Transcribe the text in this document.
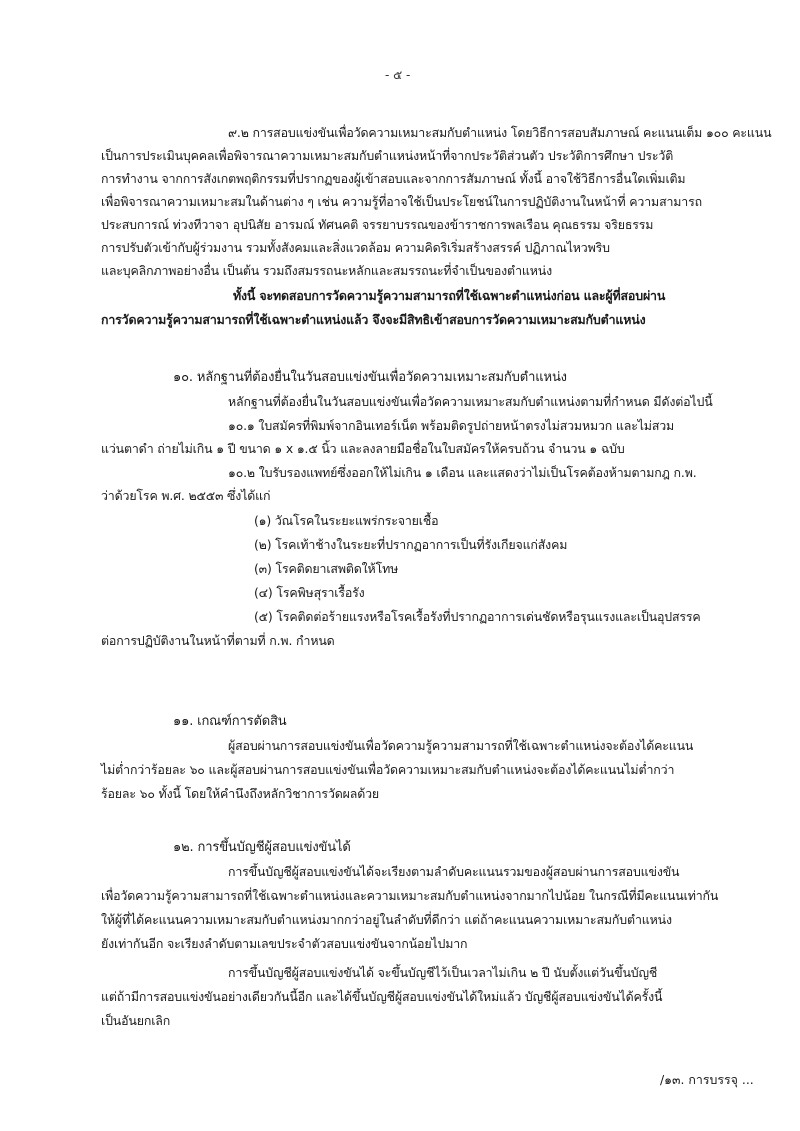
- ๕ -
๙.๒ การสอบแข่งขันเพื่อวัดความเหมาะสมกับตำแหน่ง โดยวิธีการสอบสัมภาษณ์ คะแนนเต็ม ๑๐๐ คะแนน
เป็นการประเมินบุคคลเพื่อพิจารณาความเหมาะสมกับตำแหน่งหน้าที่จากประวัติส่วนตัว ประวัติการศึกษา ประวัติ
การทำงาน จากการสังเกตพฤติกรรมที่ปรากฏของผู้เข้าสอบและจากการสัมภาษณ์ ทั้งนี้ อาจใช้วิธีการอื่นใดเพิ่มเติม
เพื่อพิจารณาความเหมาะสมในด้านต่าง ๆ เช่น ความรู้ที่อาจใช้เป็นประโยชน์ในการปฏิบัติงานในหน้าที่ ความสามารถ
ประสบการณ์ ท่วงทีวาจา อุปนิสัย อารมณ์ ทัศนคติ จรรยาบรรณของข้าราชการพลเรือน คุณธรรม จริยธรรม
การปรับตัวเข้ากับผู้ร่วมงาน รวมทั้งสังคมและสิ่งแวดล้อม ความคิดริเริ่มสร้างสรรค์ ปฏิภาณไหวพริบ
และบุคลิกภาพอย่างอื่น เป็นต้น รวมถึงสมรรถนะหลักและสมรรถนะที่จำเป็นของตำแหน่ง
ทั้งนี้ จะทดสอบการวัดความรู้ความสามารถที่ใช้เฉพาะตำแหน่งก่อน และผู้ที่สอบผ่าน
การวัดความรู้ความสามารถที่ใช้เฉพาะตำแหน่งแล้ว จึงจะมีสิทธิเข้าสอบการวัดความเหมาะสมกับตำแหน่ง
๑๐. หลักฐานที่ต้องยื่นในวันสอบแข่งขันเพื่อวัดความเหมาะสมกับตำแหน่ง
หลักฐานที่ต้องยื่นในวันสอบแข่งขันเพื่อวัดความเหมาะสมกับตำแหน่งตามที่กำหนด มีดังต่อไปนี้
๑๐.๑ ใบสมัครที่พิมพ์จากอินเทอร์เน็ต พร้อมติดรูปถ่ายหน้าตรงไม่สวมหมวก และไม่สวม
แว่นตาดำ ถ่ายไม่เกิน ๑ ปี ขนาด ๑ x ๑.๕ นิ้ว และลงลายมือชื่อในใบสมัครให้ครบถ้วน จำนวน ๑ ฉบับ
๑๐.๒ ใบรับรองแพทย์ซึ่งออกให้ไม่เกิน ๑ เดือน และแสดงว่าไม่เป็นโรคต้องห้ามตามกฎ ก.พ.
ว่าด้วยโรค พ.ศ. ๒๕๕๓ ซึ่งได้แก่
(๑) วัณโรคในระยะแพร่กระจายเชื้อ
(๒) โรคเท้าช้างในระยะที่ปรากฏอาการเป็นที่รังเกียจแก่สังคม
(๓) โรคติดยาเสพติดให้โทษ
(๔) โรคพิษสุราเรื้อรัง
(๕) โรคติดต่อร้ายแรงหรือโรคเรื้อรังที่ปรากฏอาการเด่นชัดหรือรุนแรงและเป็นอุปสรรค
ต่อการปฏิบัติงานในหน้าที่ตามที่ ก.พ. กำหนด
๑๑. เกณฑ์การตัดสิน
ผู้สอบผ่านการสอบแข่งขันเพื่อวัดความรู้ความสามารถที่ใช้เฉพาะตำแหน่งจะต้องได้คะแนน
ไม่ต่ำกว่าร้อยละ ๖๐ และผู้สอบผ่านการสอบแข่งขันเพื่อวัดความเหมาะสมกับตำแหน่งจะต้องได้คะแนนไม่ต่ำกว่า
ร้อยละ ๖๐ ทั้งนี้ โดยให้คำนึงถึงหลักวิชาการวัดผลด้วย
๑๒. การขึ้นบัญชีผู้สอบแข่งขันได้
การขึ้นบัญชีผู้สอบแข่งขันได้จะเรียงตามลำดับคะแนนรวมของผู้สอบผ่านการสอบแข่งขัน
เพื่อวัดความรู้ความสามารถที่ใช้เฉพาะตำแหน่งและความเหมาะสมกับตำแหน่งจากมากไปน้อย ในกรณีที่มีคะแนนเท่ากัน
ให้ผู้ที่ได้คะแนนความเหมาะสมกับตำแหน่งมากกว่าอยู่ในลำดับที่ดีกว่า แต่ถ้าคะแนนความเหมาะสมกับตำแหน่ง
ยังเท่ากันอีก จะเรียงลำดับตามเลขประจำตัวสอบแข่งขันจากน้อยไปมาก
การขึ้นบัญชีผู้สอบแข่งขันได้ จะขึ้นบัญชีไว้เป็นเวลาไม่เกิน ๒ ปี นับตั้งแต่วันขึ้นบัญชี
แต่ถ้ามีการสอบแข่งขันอย่างเดียวกันนี้อีก และได้ขึ้นบัญชีผู้สอบแข่งขันได้ใหม่แล้ว บัญชีผู้สอบแข่งขันได้ครั้งนี้
เป็นอันยกเลิก
/๑๓. การบรรจุ ...
